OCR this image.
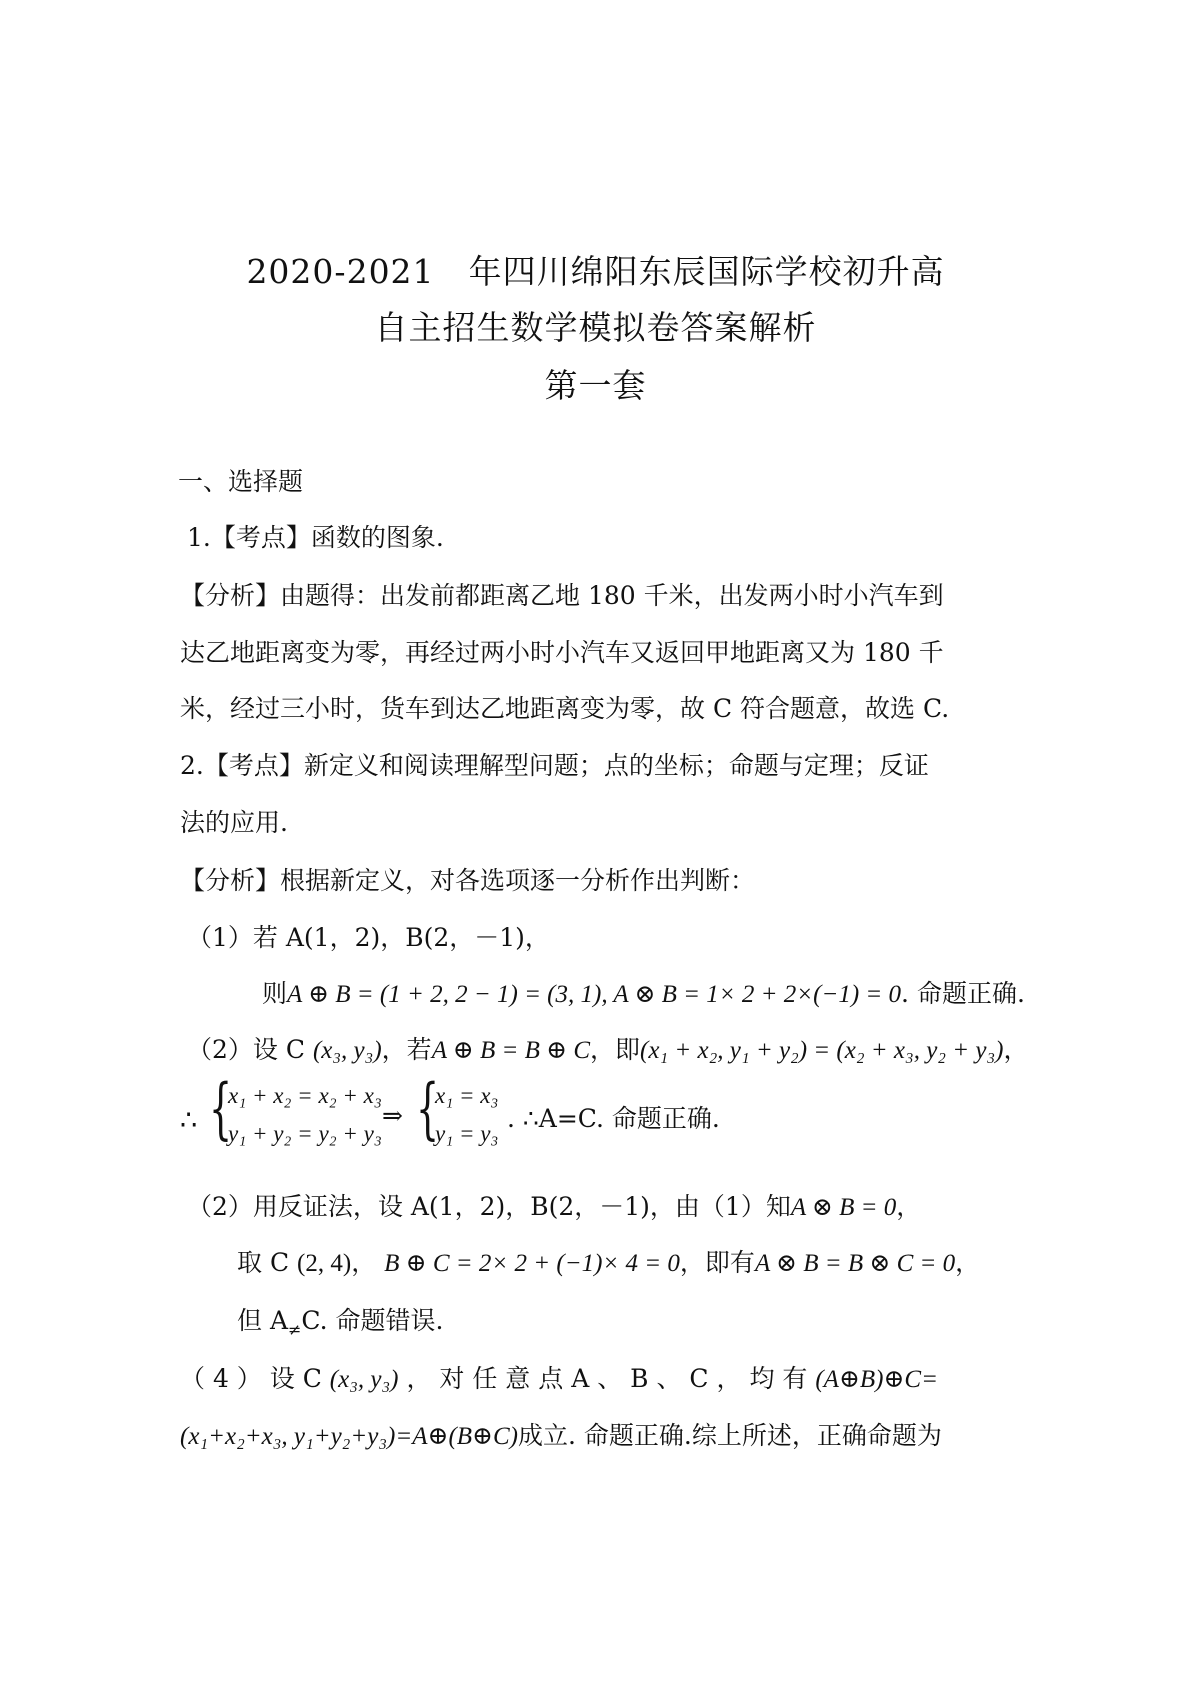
2020-2021 年四川绵阳东辰国际学校初升高
自主招生数学模拟卷答案解析
第一套
一、选择题
1.【考点】函数的图象.
【分析】由题得：出发前都距离乙地 180 千米，出发两小时小汽车到
达乙地距离变为零，再经过两小时小汽车又返回甲地距离又为 180 千
米，经过三小时，货车到达乙地距离变为零，故 C 符合题意，故选 C.
2.【考点】新定义和阅读理解型问题；点的坐标；命题与定理；反证
法的应用.
【分析】根据新定义，对各选项逐一分析作出判断：
（1）若 A(1，2)，B(2，－1)，
则A ⊕ B = (1 + 2, 2 − 1) = (3, 1), A ⊗ B = 1× 2 + 2×(−1) = 0. 命题正确.
（2）设 C (x₃, y₃)，若A ⊕ B = B ⊕ C，即(x₁ + x₂, y₁ + y₂) = (x₂ + x₃, y₂ + y₃)，
∴ {
x₁ + x₂ = x₂ + x₃
y₁ + y₂ = y₂ + y₃
⇒ {
x₁ = x₃
y₁ = y₃
. ∴A=C. 命题正确.
（2）用反证法，设 A(1，2)，B(2，－1)，由（1）知A ⊗ B = 0，
取 C (2, 4)， B ⊕ C = 2× 2 + (−1)× 4 = 0，即有A ⊗ B = B ⊗ C = 0，
但 $A_\ne C$. 命题错误.
（ 4 ） 设 C (x₃, y₃) ， 对 任 意 点 A 、 B 、 C ， 均 有 (A⊕B)⊕C=
(x₁+x₂+x₃, y₁+y₂+y₃)=A⊕(B⊕C)成立. 命题正确.综上所述，正确命题为
